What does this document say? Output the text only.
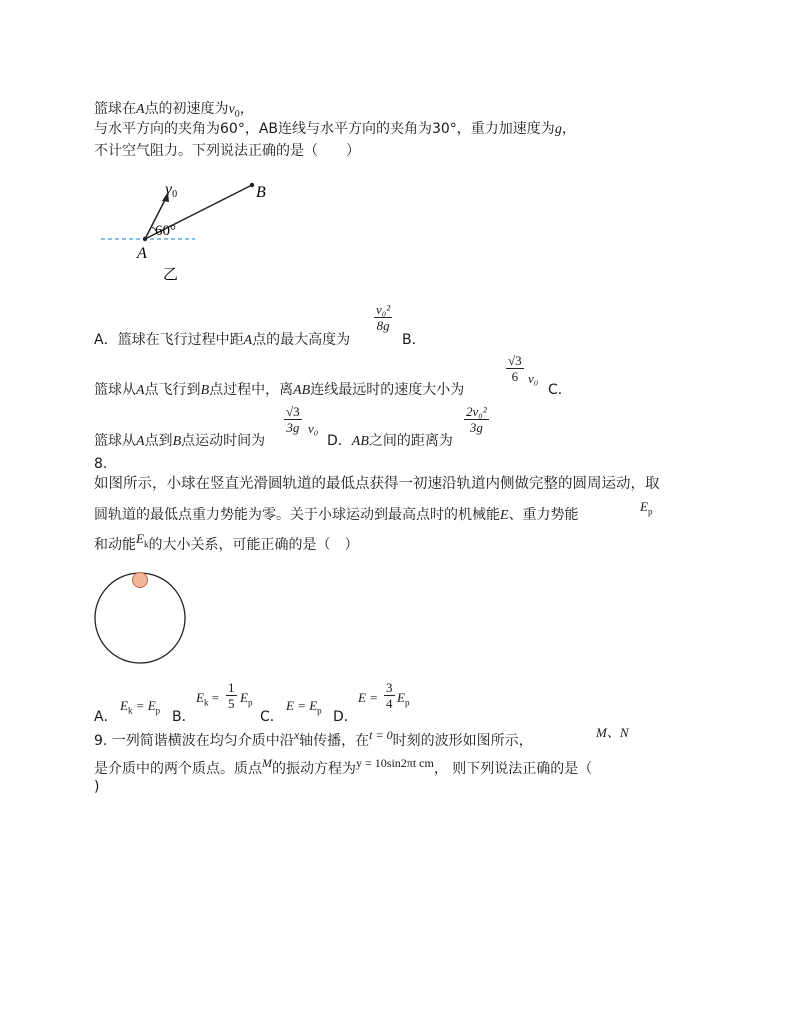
篮球在A点的初速度为$v_0$，
与水平方向的夹角为60°，AB连线与水平方向的夹角为30°，重力加速度为g，
不计空气阻力。下列说法正确的是（　　）
v0	B
60°
A
乙
A．篮球在飞行过程中距A点的最大高度为
$\frac{\text{v₀²}}{8g}$
B．
篮球从A点飞行到B点过程中，离AB连线最远时的速度大小为
$\frac{√3}{6} v_0$
C．
篮球从A点到B点运动时间为
$\frac{√3}{3g} v_0$
D．AB之间的距离为
$\frac{\text{2v₀²}}{3g}$
8.
如图所示，小球在竖直光滑圆轨道的最低点获得一初速沿轨道内侧做完整的圆周运动，取
圆轨道的最低点重力势能为零。关于小球运动到最高点时的机械能E、重力势能
$E_p$
和动能$E_k$的大小关系，可能正确的是（　）
A．
$E_k = E_p$ B．
$E_k = \frac{1}{5} E_p$
C．
$E = E_p$ D．
$E = \frac{3}{4} E_p$
9. 一列简谐横波在均匀介质中沿x轴传播，在t = 0时刻的波形如图所示，
M、N
是介质中的两个质点。质点M的振动方程为y = 10sin2πt cm， 则下列说法正确的是（
)
